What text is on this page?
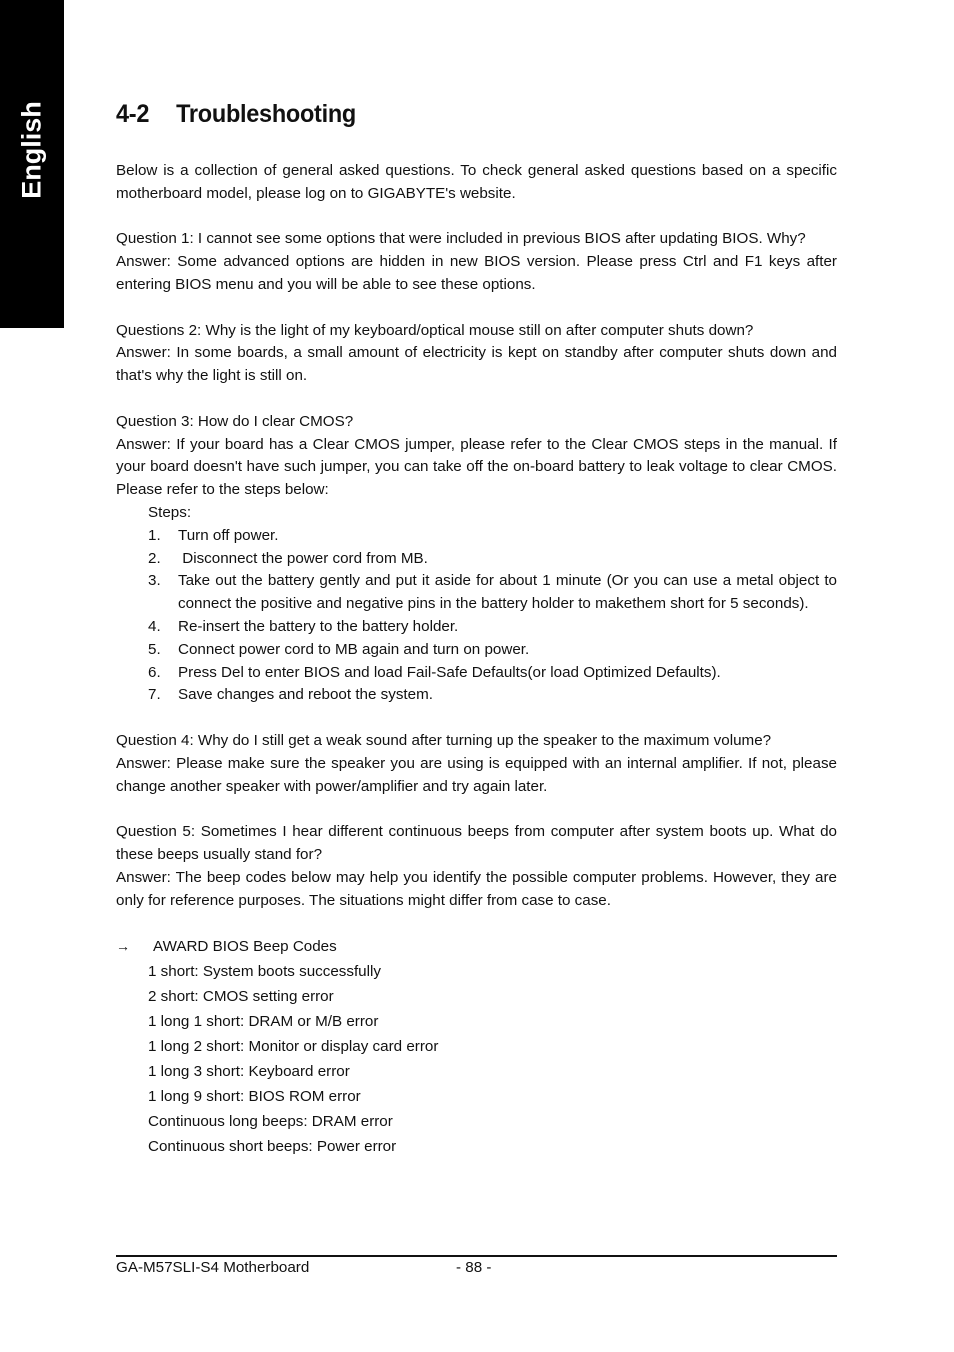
English	4-2 Troubleshooting

Below is a collection of general asked questions. To check general asked questions based on a specific motherboard model, please log on to GIGABYTE's website.

Question 1: I cannot see some options that were included in previous BIOS after updating BIOS. Why?

Answer: Some advanced options are hidden in new BIOS version. Please press Ctrl and F1 keys after entering BIOS menu and you will be able to see these options.

Questions 2: Why is the light of my keyboard/optical mouse still on after computer shuts down?

Answer: In some boards, a small amount of electricity is kept on standby after computer shuts down and that's why the light is still on.

Question 3: How do I clear CMOS?

Answer: If your board has a Clear CMOS jumper, please refer to the Clear CMOS steps in the manual. If your board doesn't have such jumper, you can take off the on-board battery to leak voltage to clear CMOS. Please refer to the steps below:

Steps:
1.	Turn off power.
2.	Disconnect the power cord from MB.
3.	Take out the battery gently and put it aside for about 1 minute (Or you can use a metal object to connect the positive and negative pins in the battery holder to makethem short for 5 seconds).
4.	Re-insert the battery to the battery holder.
5.	Connect power cord to MB again and turn on power.
6.	Press Del to enter BIOS and load Fail-Safe Defaults(or load Optimized Defaults).
7.	Save changes and reboot the system.

Question 4: Why do I still get a weak sound after turning up the speaker to the maximum volume?

Answer: Please make sure the speaker you are using is equipped with an internal amplifier. If not, please change another speaker with power/amplifier and try again later.

Question 5: Sometimes I hear different continuous beeps from computer after system boots up. What do these beeps usually stand for?

Answer: The beep codes below may help you identify the possible computer problems. However, they are only for reference purposes. The situations might differ from case to case.

→	AWARD BIOS Beep Codes
1 short: System boots successfully
2 short: CMOS setting error
1 long 1 short: DRAM or M/B error
1 long 2 short: Monitor or display card error
1 long 3 short: Keyboard error
1 long 9 short: BIOS ROM error
Continuous long beeps: DRAM error
Continuous short beeps: Power error
GA-M57SLI-S4 Motherboard	- 88 -
